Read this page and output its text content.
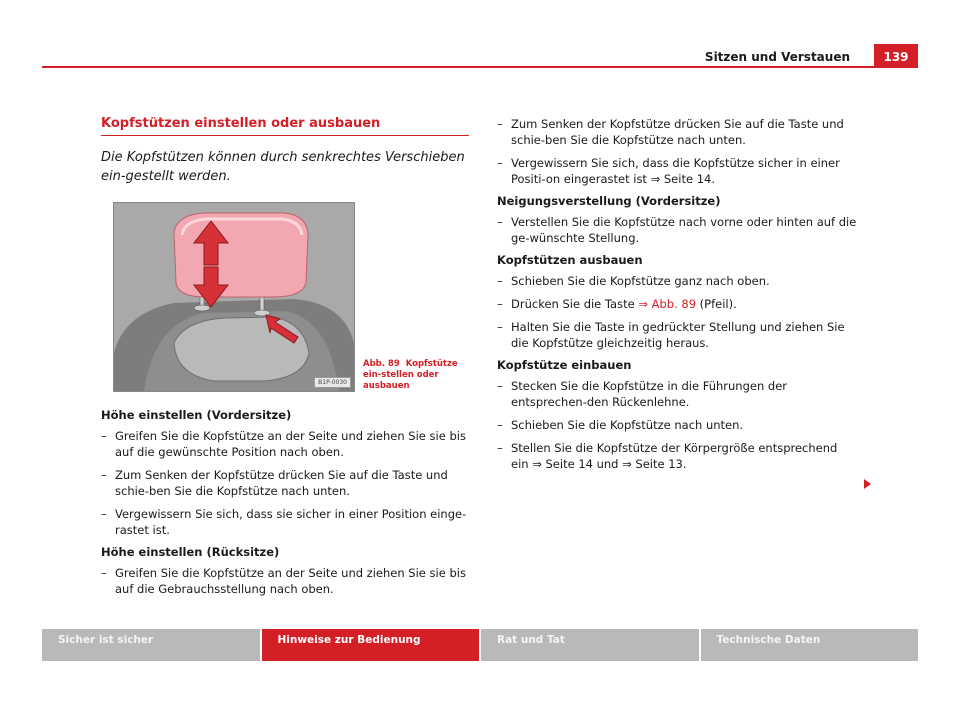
Sitzen und Verstauen	139
Kopfstützen einstellen oder ausbauen
Die Kopfstützen können durch senkrechtes Verschieben ein-gestellt werden.
B1P-0030
Abb. 89 Kopfstütze ein-stellen oder ausbauen
Höhe einstellen (Vordersitze)
– Greifen Sie die Kopfstütze an der Seite und ziehen Sie sie bis auf die gewünschte Position nach oben.
– Zum Senken der Kopfstütze drücken Sie auf die Taste und schie-ben Sie die Kopfstütze nach unten.
– Vergewissern Sie sich, dass sie sicher in einer Position einge-rastet ist.
Höhe einstellen (Rücksitze)
– Greifen Sie die Kopfstütze an der Seite und ziehen Sie sie bis auf die Gebrauchsstellung nach oben.
– Zum Senken der Kopfstütze drücken Sie auf die Taste und schie-ben Sie die Kopfstütze nach unten.
– Vergewissern Sie sich, dass die Kopfstütze sicher in einer Positi-on eingerastet ist ⇒ Seite 14.
Neigungsverstellung (Vordersitze)
– Verstellen Sie die Kopfstütze nach vorne oder hinten auf die ge-wünschte Stellung.
Kopfstützen ausbauen
– Schieben Sie die Kopfstütze ganz nach oben.
– Drücken Sie die Taste ⇒ Abb. 89 (Pfeil).
– Halten Sie die Taste in gedrückter Stellung und ziehen Sie die Kopfstütze gleichzeitig heraus.
Kopfstütze einbauen
– Stecken Sie die Kopfstütze in die Führungen der entsprechen-den Rückenlehne.
– Schieben Sie die Kopfstütze nach unten.
– Stellen Sie die Kopfstütze der Körpergröße entsprechend ein ⇒ Seite 14 und ⇒ Seite 13.
Sicher ist sicher	Hinweise zur Bedienung	Rat und Tat	Technische Daten
